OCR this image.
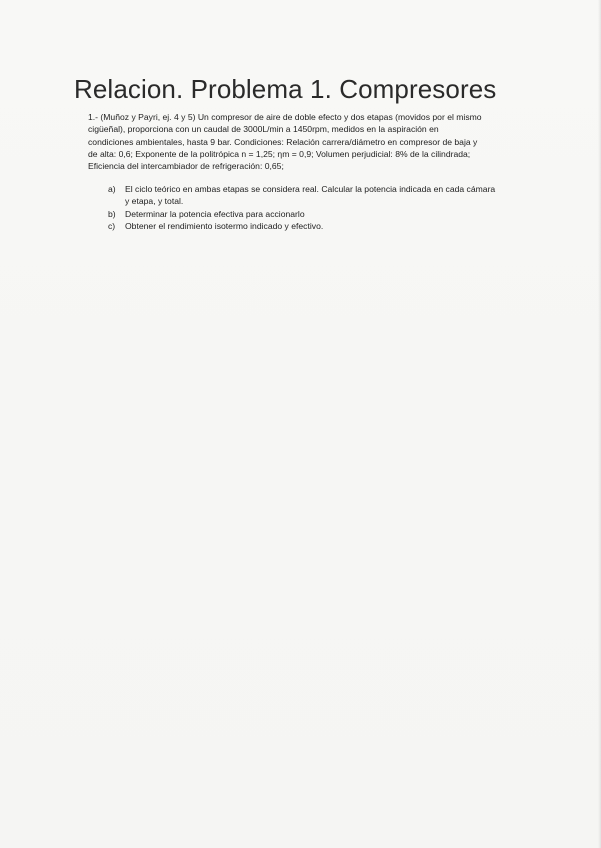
Relacion. Problema 1. Compresores

1.- (Muñoz y Payri, ej. 4 y 5) Un compresor de aire de doble efecto y dos etapas (movidos por el mismo
cigüeñal), proporciona con un caudal de 3000L/min a 1450rpm, medidos en la aspiración en
condiciones ambientales, hasta 9 bar. Condiciones: Relación carrera/diámetro en compresor de baja y
de alta: 0,6; Exponente de la politrópica n = 1,25; ηm = 0,9; Volumen perjudicial: 8% de la cilindrada;
Eficiencia del intercambiador de refrigeración: 0,65;

a)	El ciclo teórico en ambas etapas se considera real. Calcular la potencia indicada en cada cámara
y etapa, y total.
b)	Determinar la potencia efectiva para accionarlo
c)	Obtener el rendimiento isotermo indicado y efectivo.
